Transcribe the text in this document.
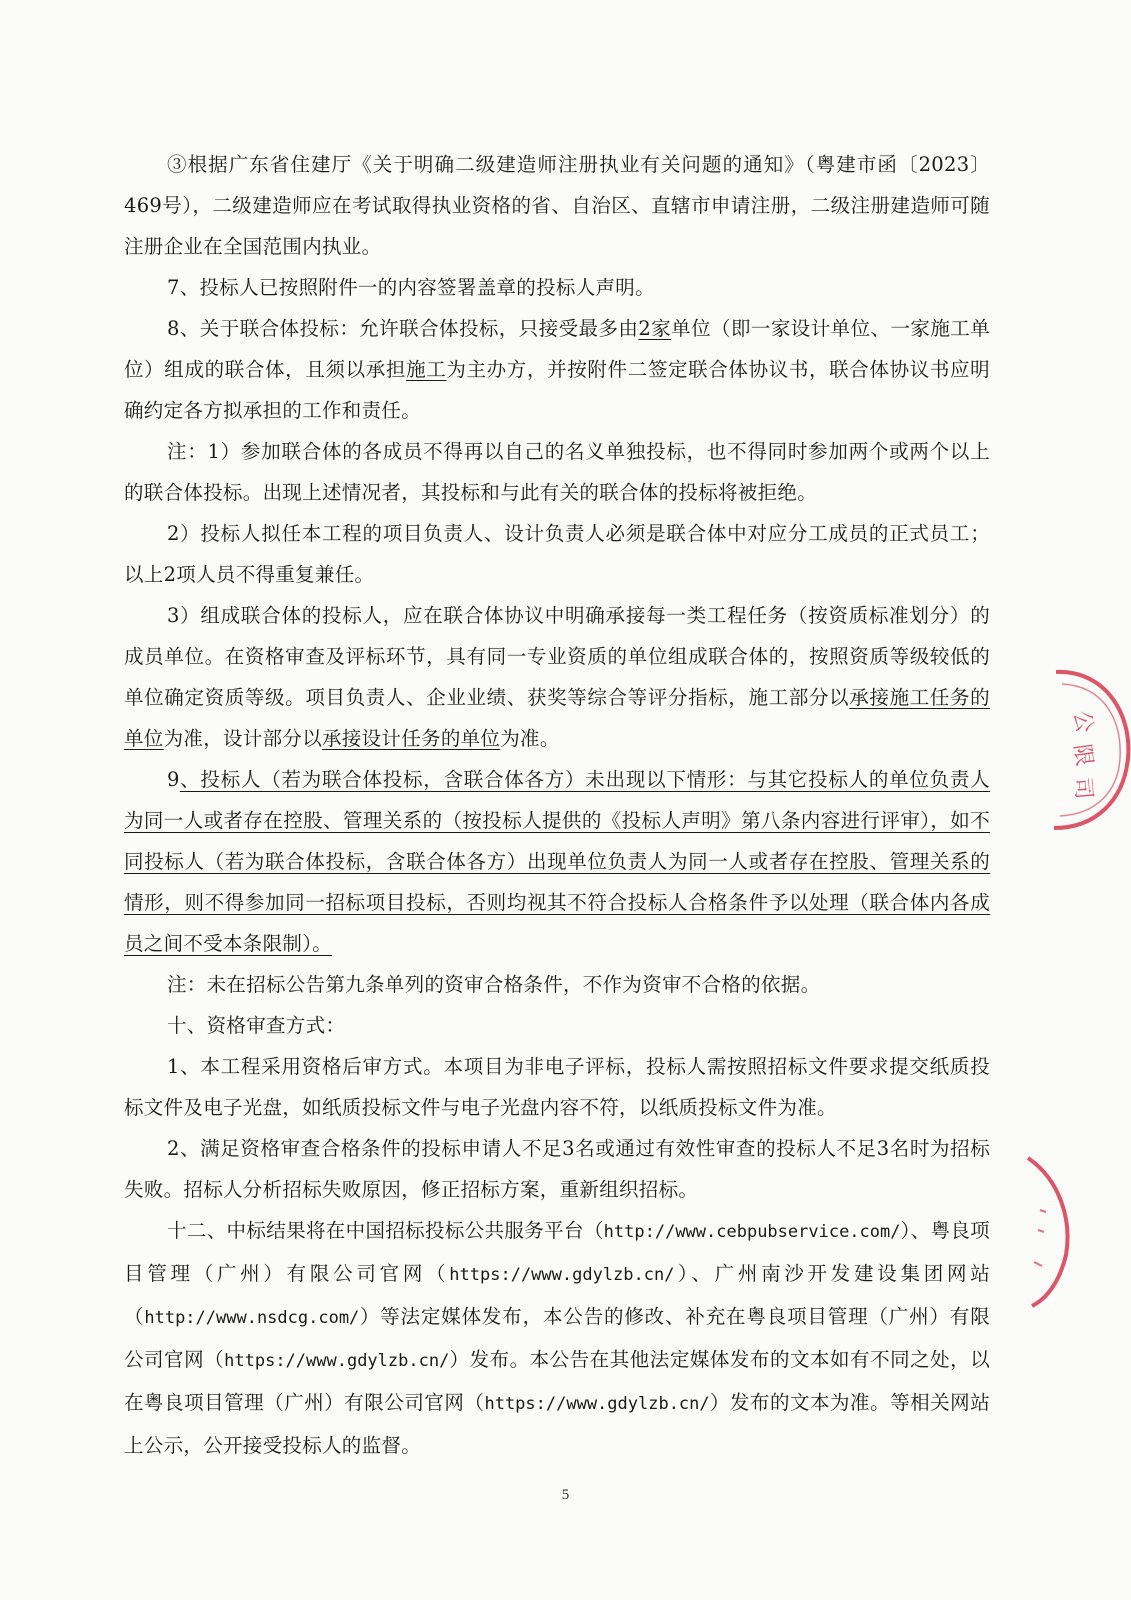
③根据广东省住建厅《关于明确二级建造师注册执业有关问题的通知》（粤建市函〔2023〕469号），二级建造师应在考试取得执业资格的省、自治区、直辖市申请注册，二级注册建造师可随注册企业在全国范围内执业。

7、投标人已按照附件一的内容签署盖章的投标人声明。

8、关于联合体投标：允许联合体投标，只接受最多由2家单位（即一家设计单位、一家施工单位）组成的联合体，且须以承担施工为主办方，并按附件二签定联合体协议书，联合体协议书应明确约定各方拟承担的工作和责任。

注：1）参加联合体的各成员不得再以自己的名义单独投标，也不得同时参加两个或两个以上的联合体投标。出现上述情况者，其投标和与此有关的联合体的投标将被拒绝。

2）投标人拟任本工程的项目负责人、设计负责人必须是联合体中对应分工成员的正式员工；以上2项人员不得重复兼任。

3）组成联合体的投标人，应在联合体协议中明确承接每一类工程任务（按资质标准划分）的成员单位。在资格审查及评标环节，具有同一专业资质的单位组成联合体的，按照资质等级较低的单位确定资质等级。项目负责人、企业业绩、获奖等综合等评分指标，施工部分以承接施工任务的单位为准，设计部分以承接设计任务的单位为准。

9、投标人（若为联合体投标，含联合体各方）未出现以下情形：与其它投标人的单位负责人为同一人或者存在控股、管理关系的（按投标人提供的《投标人声明》第八条内容进行评审），如不同投标人（若为联合体投标，含联合体各方）出现单位负责人为同一人或者存在控股、管理关系的情形，则不得参加同一招标项目投标，否则均视其不符合投标人合格条件予以处理（联合体内各成员之间不受本条限制）。

注：未在招标公告第九条单列的资审合格条件，不作为资审不合格的依据。

十、资格审查方式：

1、本工程采用资格后审方式。本项目为非电子评标，投标人需按照招标文件要求提交纸质投标文件及电子光盘，如纸质投标文件与电子光盘内容不符，以纸质投标文件为准。

2、满足资格审查合格条件的投标申请人不足3名或通过有效性审查的投标人不足3名时为招标失败。招标人分析招标失败原因，修正招标方案，重新组织招标。

十二、中标结果将在中国招标投标公共服务平台（http://www.cebpubservice.com/）、粤良项目管理（广州）有限公司官网（https://www.gdylzb.cn/）、广州南沙开发建设集团网站（http://www.nsdcg.com/）等法定媒体发布，本公告的修改、补充在粤良项目管理（广州）有限公司官网（https://www.gdylzb.cn/）发布。本公告在其他法定媒体发布的文本如有不同之处，以在粤良项目管理（广州）有限公司官网（https://www.gdylzb.cn/）发布的文本为准。等相关网站上公示，公开接受投标人的监督。

公
限
司
5
